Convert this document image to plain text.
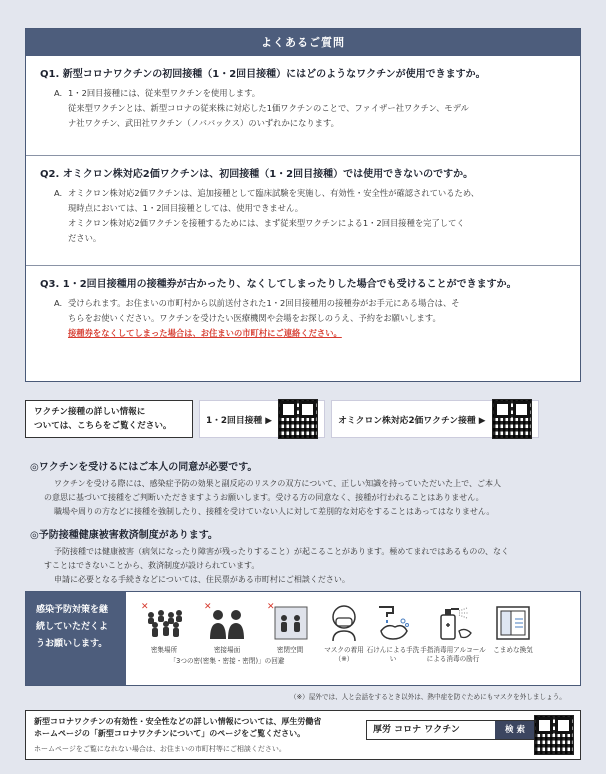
よくあるご質問
Q1. 新型コロナワクチンの初回接種（1・2回目接種）にはどのようなワクチンが使用できますか。
A. 1・2回目接種には、従来型ワクチンを使用します。

従来型ワクチンとは、新型コロナの従来株に対応した1価ワクチンのことで、ファイザー社ワクチン、モデル

ナ社ワクチン、武田社ワクチン（ノババックス）のいずれかになります。

Q2. オミクロン株対応2価ワクチンは、初回接種（1・2回目接種）では使用できないのですか。
A. オミクロン株対応2価ワクチンは、追加接種として臨床試験を実施し、有効性・安全性が確認されているため、

現時点においては、1・2回目接種としては、使用できません。

オミクロン株対応2価ワクチンを接種するためには、まず従来型ワクチンによる1・2回目接種を完了してく

ださい。

Q3. 1・2回目接種用の接種券が古かったり、なくしてしまったりした場合でも受けることができますか。
A. 受けられます。お住まいの市町村から以前送付された1・2回目接種用の接種券がお手元にある場合は、そ

ちらをお使いください。ワクチンを受けたい医療機関や会場をお探しのうえ、予約をお願いします。

接種券をなくしてしまった場合は、お住まいの市町村にご連絡ください。

ワクチン接種の詳しい情報に
ついては、こちらをご覧ください。
1・2回目接種 ▶	オミクロン株対応2価ワクチン接種 ▶
◎ワクチンを受けるにはご本人の同意が必要です。

ワクチンを受ける際には、感染症予防の効果と副反応のリスクの双方について、正しい知識を持っていただいた上で、ご本人

の意思に基づいて接種をご判断いただきますようお願いします。受ける方の同意なく、接種が行われることはありません。

職場や周りの方などに接種を強制したり、接種を受けていない人に対して差別的な対応をすることはあってはなりません。

◎予防接種健康被害救済制度があります。

予防接種では健康被害（病気になったり障害が残ったりすること）が起こることがあります。極めてまれではあるものの、なく

すことはできないことから、救済制度が設けられています。

申請に必要となる手続きなどについては、住民票がある市町村にご相談ください。

感染予防対策を継続していただくようお願いします。
✕
密集場所
✕
密接場面
✕
密閉空間
「3つの密(密集・密接・密閉)」の回避
マスクの着用（※）
石けんによる手洗い
手指消毒用アルコールによる消毒の励行
こまめな換気
（※）屋外では、人と会話をするとき以外は、熱中症を防ぐためにもマスクを外しましょう。
新型コロナワクチンの有効性・安全性などの詳しい情報については、厚生労働省
ホームページの「新型コロナワクチンについて」のページをご覧ください。
ホームページをご覧になれない場合は、お住まいの市町村等にご相談ください。
厚労 コロナ ワクチン	検 索
